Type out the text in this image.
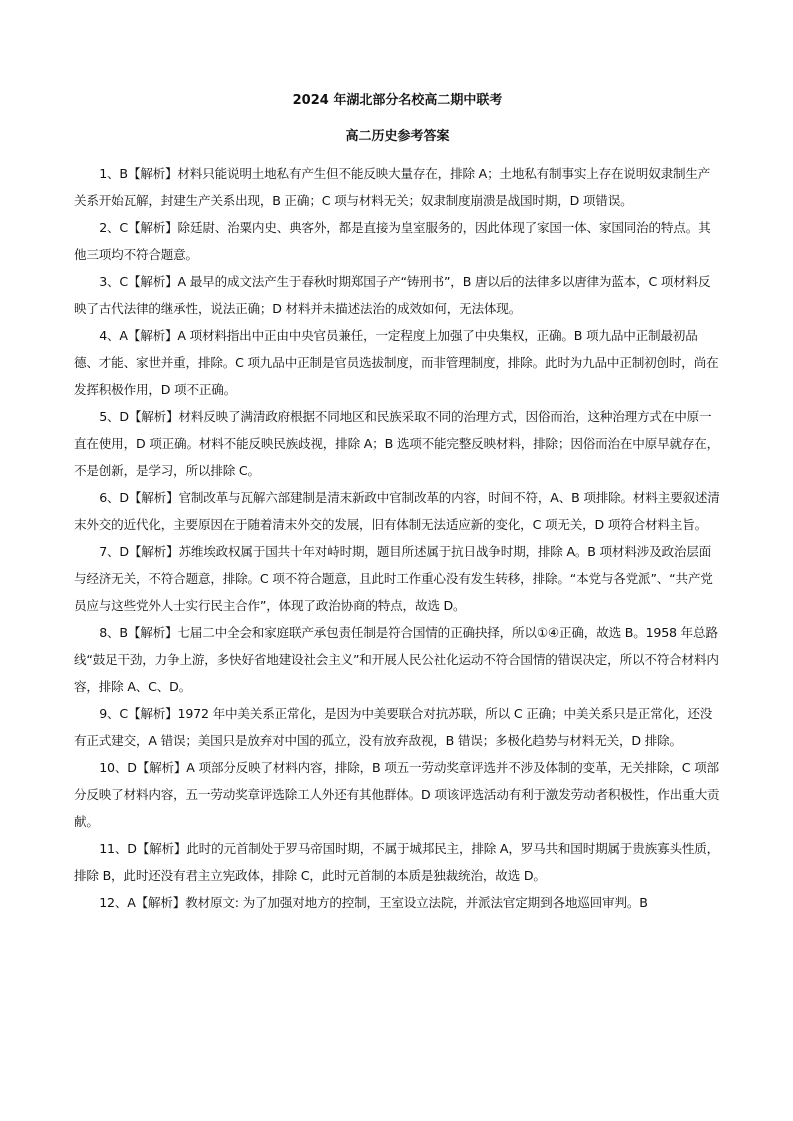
2024 年湖北部分名校高二期中联考
高二历史参考答案

1、B【解析】材料只能说明土地私有产生但不能反映大量存在，排除 A；土地私有制事实上存在说明奴隶制生产关系开始瓦解，封建生产关系出现，B 正确；C 项与材料无关；奴隶制度崩溃是战国时期，D 项错误。

2、C【解析】除廷尉、治粟内史、典客外，都是直接为皇室服务的，因此体现了家国一体、家国同治的特点。其他三项均不符合题意。

3、C【解析】A 最早的成文法产生于春秋时期郑国子产“铸刑书”，B 唐以后的法律多以唐律为蓝本，C 项材料反映了古代法律的继承性，说法正确；D 材料并未描述法治的成效如何，无法体现。

4、A【解析】A 项材料指出中正由中央官员兼任，一定程度上加强了中央集权，正确。B 项九品中正制最初品德、才能、家世并重，排除。C 项九品中正制是官员选拔制度，而非管理制度，排除。此时为九品中正制初创时，尚在发挥积极作用，D 项不正确。

5、D【解析】材料反映了满清政府根据不同地区和民族采取不同的治理方式，因俗而治，这种治理方式在中原一直在使用，D 项正确。材料不能反映民族歧视，排除 A；B 选项不能完整反映材料，排除；因俗而治在中原早就存在，不是创新，是学习，所以排除 C。

6、D【解析】官制改革与瓦解六部建制是清末新政中官制改革的内容，时间不符，A、B 项排除。材料主要叙述清末外交的近代化，主要原因在于随着清末外交的发展，旧有体制无法适应新的变化，C 项无关，D 项符合材料主旨。

7、D【解析】苏维埃政权属于国共十年对峙时期，题目所述属于抗日战争时期，排除 A。B 项材料涉及政治层面与经济无关，不符合题意，排除。C 项不符合题意，且此时工作重心没有发生转移，排除。“本党与各党派”、“共产党员应与这些党外人士实行民主合作”，体现了政治协商的特点，故选 D。

8、B【解析】七届二中全会和家庭联产承包责任制是符合国情的正确抉择，所以①④正确，故选 B。1958 年总路线“鼓足干劲，力争上游，多快好省地建设社会主义”和开展人民公社化运动不符合国情的错误决定，所以不符合材料内容，排除 A、C、D。

9、C【解析】1972 年中美关系正常化，是因为中美要联合对抗苏联，所以 C 正确；中美关系只是正常化，还没有正式建交，A 错误；美国只是放弃对中国的孤立，没有放弃敌视，B 错误；多极化趋势与材料无关，D 排除。

10、D【解析】A 项部分反映了材料内容，排除，B 项五一劳动奖章评选并不涉及体制的变革，无关排除，C 项部分反映了材料内容，五一劳动奖章评选除工人外还有其他群体。D 项该评选活动有利于激发劳动者积极性，作出重大贡献。

11、D【解析】此时的元首制处于罗马帝国时期，不属于城邦民主，排除 A，罗马共和国时期属于贵族寡头性质，排除 B，此时还没有君主立宪政体，排除 C，此时元首制的本质是独裁统治，故选 D。

12、A【解析】教材原文: 为了加强对地方的控制，王室设立法院，并派法官定期到各地巡回审判。B
